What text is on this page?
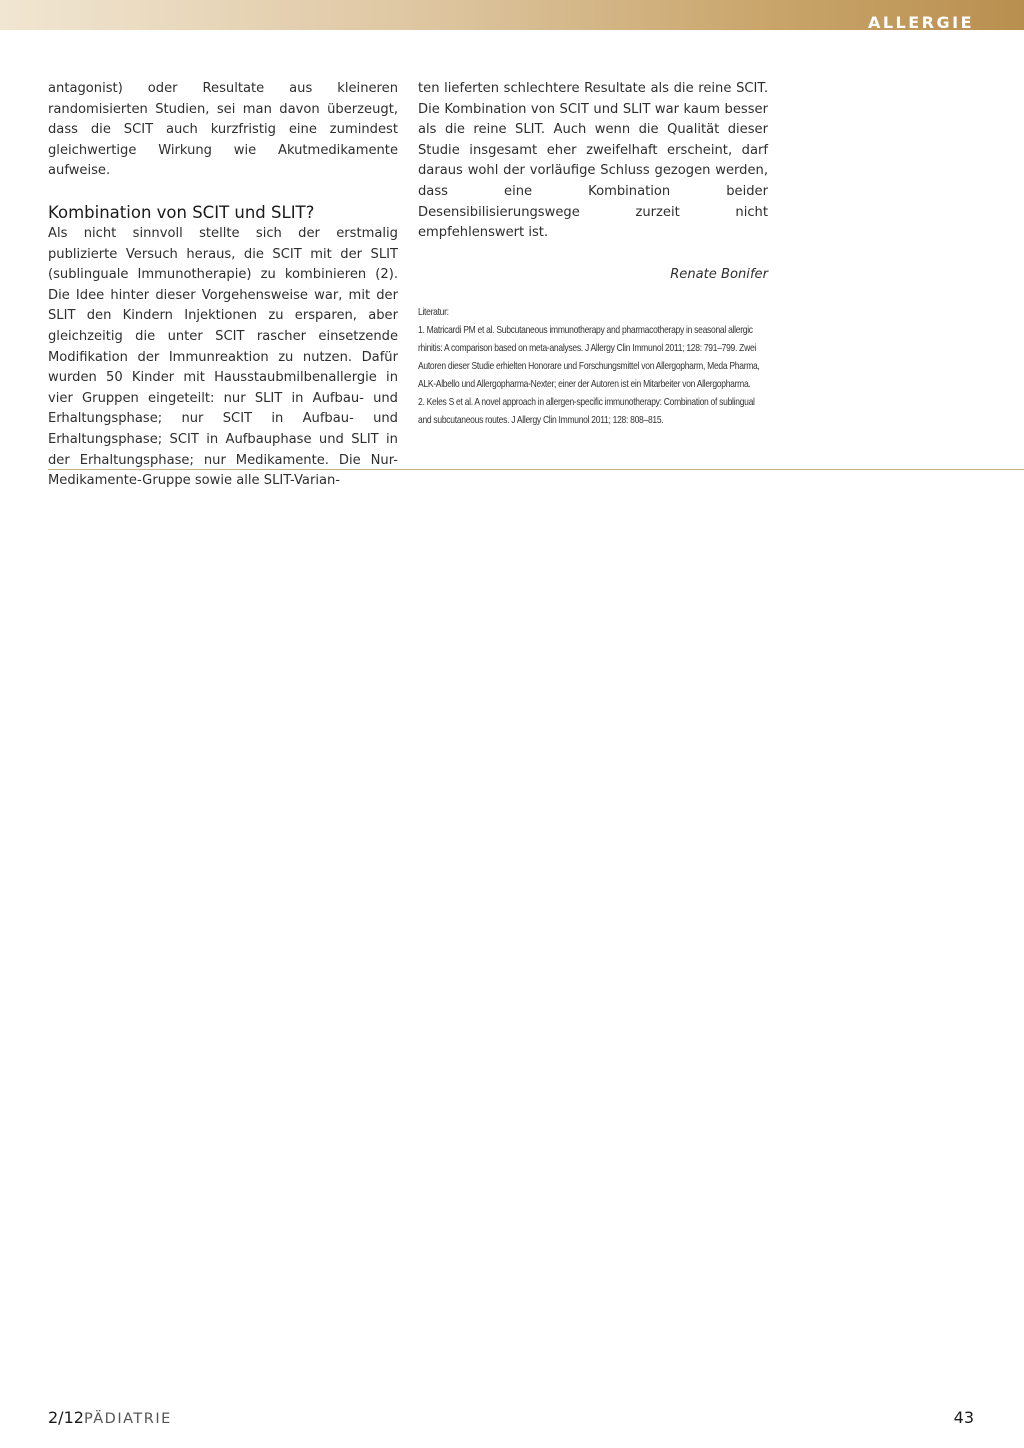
ALLERGIE

antagonist) oder Resultate aus kleineren randomisierten Studien, sei man davon überzeugt, dass die SCIT auch kurzfristig eine zumindest gleichwertige Wirkung wie Akutmedikamente aufweise.

Kombination von SCIT und SLIT?

Als nicht sinnvoll stellte sich der erstmalig publizierte Versuch heraus, die SCIT mit der SLIT (sublinguale Immunotherapie) zu kombinieren (2). Die Idee hinter dieser Vorgehensweise war, mit der SLIT den Kindern Injektionen zu ersparen, aber gleichzeitig die unter SCIT rascher einsetzende Modifikation der Immunreaktion zu nutzen. Dafür wurden 50 Kinder mit Hausstaubmilbenallergie in vier Gruppen eingeteilt: nur SLIT in Aufbau- und Erhaltungsphase; nur SCIT in Aufbau- und Erhaltungsphase; SCIT in Aufbauphase und SLIT in der Erhaltungsphase; nur Medikamente. Die Nur-Medikamente-Gruppe sowie alle SLIT-Varian-

ten lieferten schlechtere Resultate als die reine SCIT. Die Kombination von SCIT und SLIT war kaum besser als die reine SLIT. Auch wenn die Qualität dieser Studie insgesamt eher zweifelhaft erscheint, darf daraus wohl der vorläufige Schluss gezogen werden, dass eine Kombination beider Desensibilisierungswege zurzeit nicht empfehlenswert ist.

Renate Bonifer

Literatur:
1. Matricardi PM et al. Subcutaneous immunotherapy and pharmacotherapy in seasonal allergic rhinitis: A comparison based on meta-analyses. J Allergy Clin Immunol 2011; 128: 791–799. Zwei Autoren dieser Studie erhielten Honorare und Forschungsmittel von Allergopharm, Meda Pharma, ALK-Albello und Allergopharma-Nexter; einer der Autoren ist ein Mitarbeiter von Allergopharma.
2. Keles S et al. A novel approach in allergen-specific immunotherapy: Combination of sublingual and subcutaneous routes. J Allergy Clin Immunol 2011; 128: 808–815.
2/12PÄDIATRIE	43
